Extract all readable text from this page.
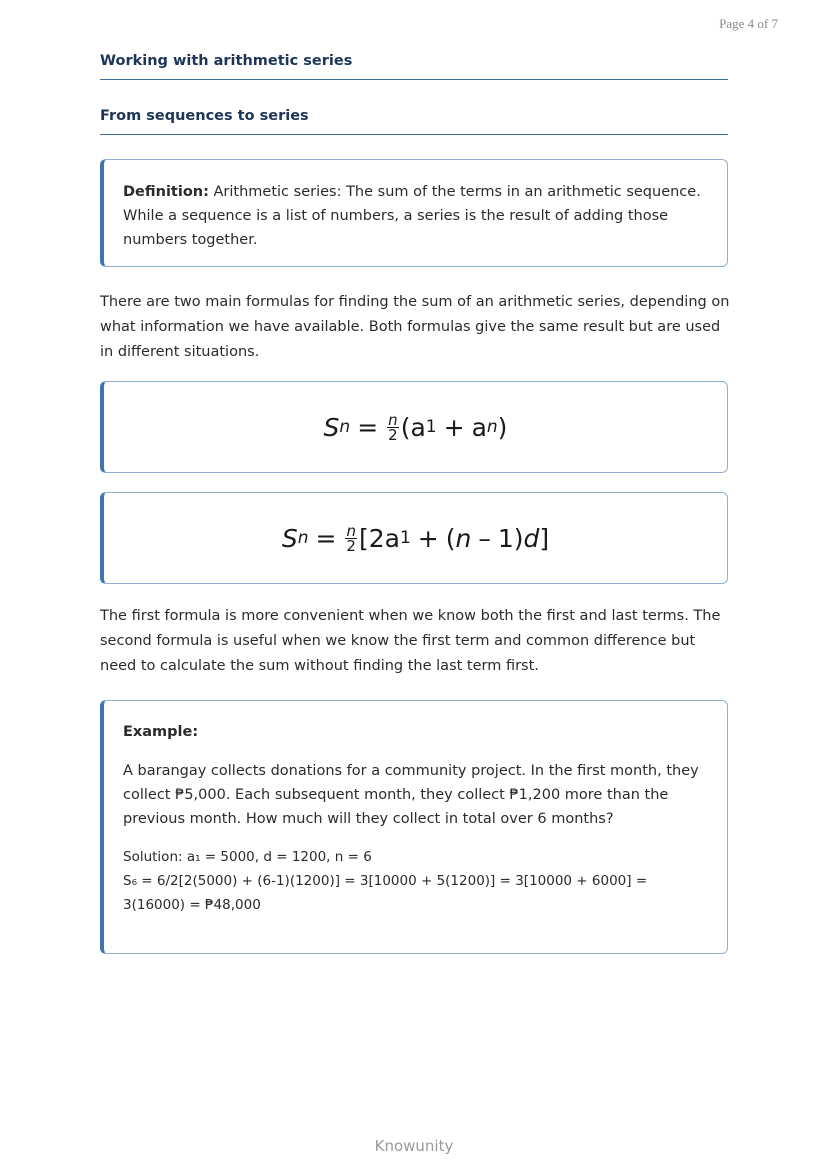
Page 4 of 7
Working with arithmetic series
From sequences to series

Definition: Arithmetic series: The sum of the terms in an arithmetic sequence. While a sequence is a list of numbers, a series is the result of adding those numbers together.

There are two main formulas for finding the sum of an arithmetic series, depending on what information we have available. Both formulas give the same result but are used in different situations.

S $n = \frac{n}{2} (a$ 1 + a n )
S $n = \frac{n}{2} [2a$ 1 + ( n – 1) d ]

The first formula is more convenient when we know both the first and last terms. The second formula is useful when we know the first term and common difference but need to calculate the sum without finding the last term first.

Example:

A barangay collects donations for a community project. In the first month, they collect ₱5,000. Each subsequent month, they collect ₱1,200 more than the previous month. How much will they collect in total over 6 months?

Solution: a₁ = 5000, d = 1200, n = 6
S₆ = 6/2[2(5000) + (6-1)(1200)] = 3[10000 + 5(1200)] = 3[10000 + 6000] = 3(16000) = ₱48,000
Knowunity
